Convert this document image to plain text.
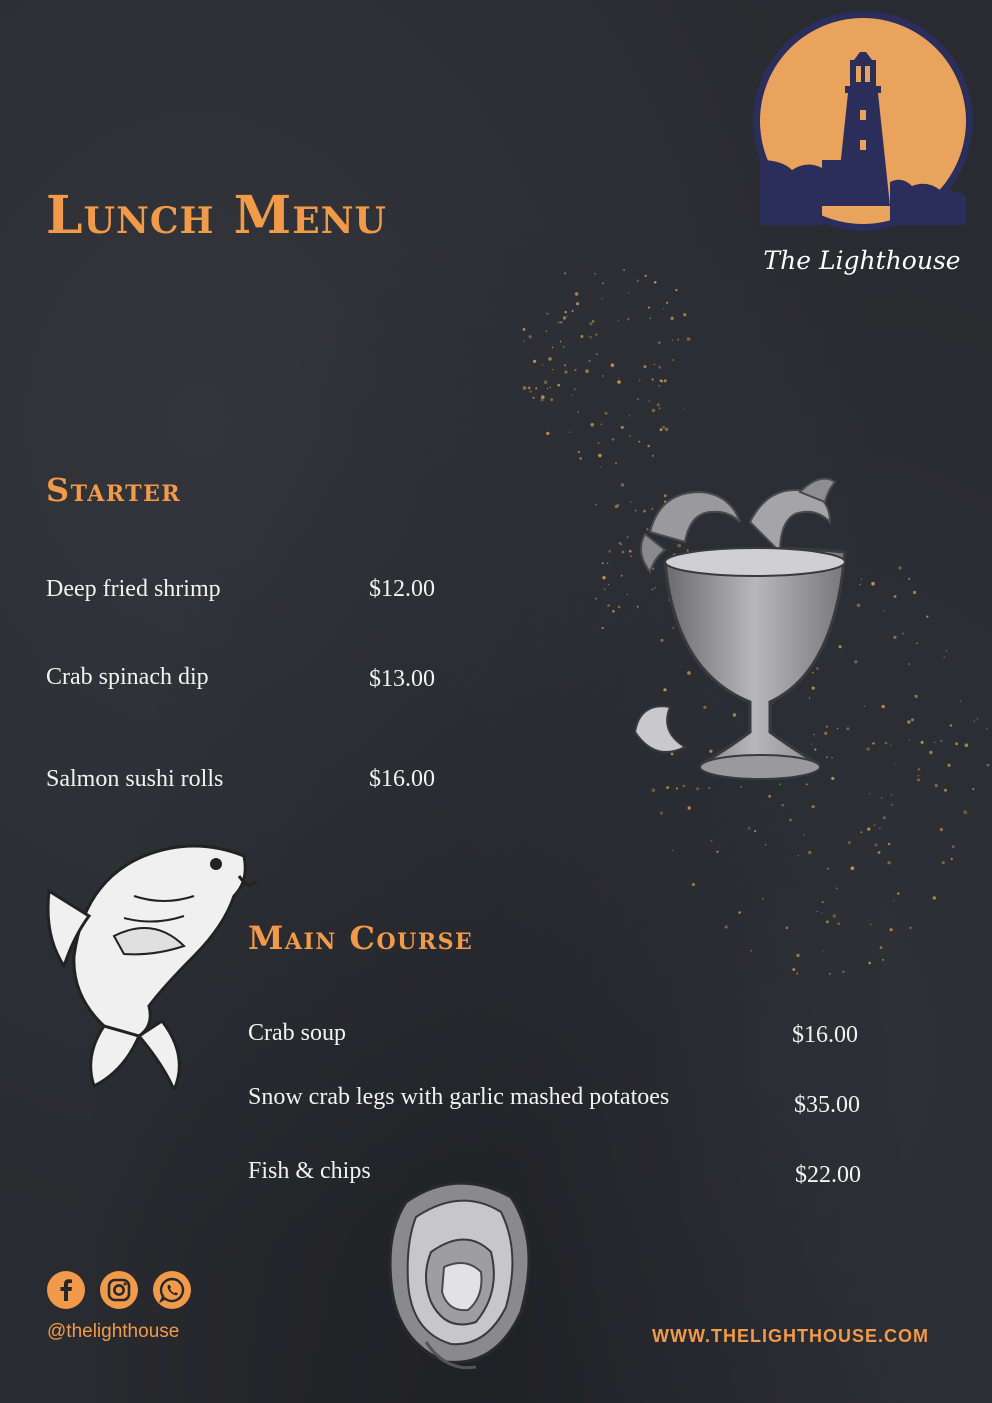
The Lighthouse
Lunch Menu
Starter
Deep fried shrimp	$12.00
Crab spinach dip	$13.00
Salmon sushi rolls	$16.00
Main Course
Crab soup	$16.00
Snow crab legs with garlic mashed potatoes	$35.00
Fish & chips	$22.00
@thelighthouse	WWW.THELIGHTHOUSE.COM
